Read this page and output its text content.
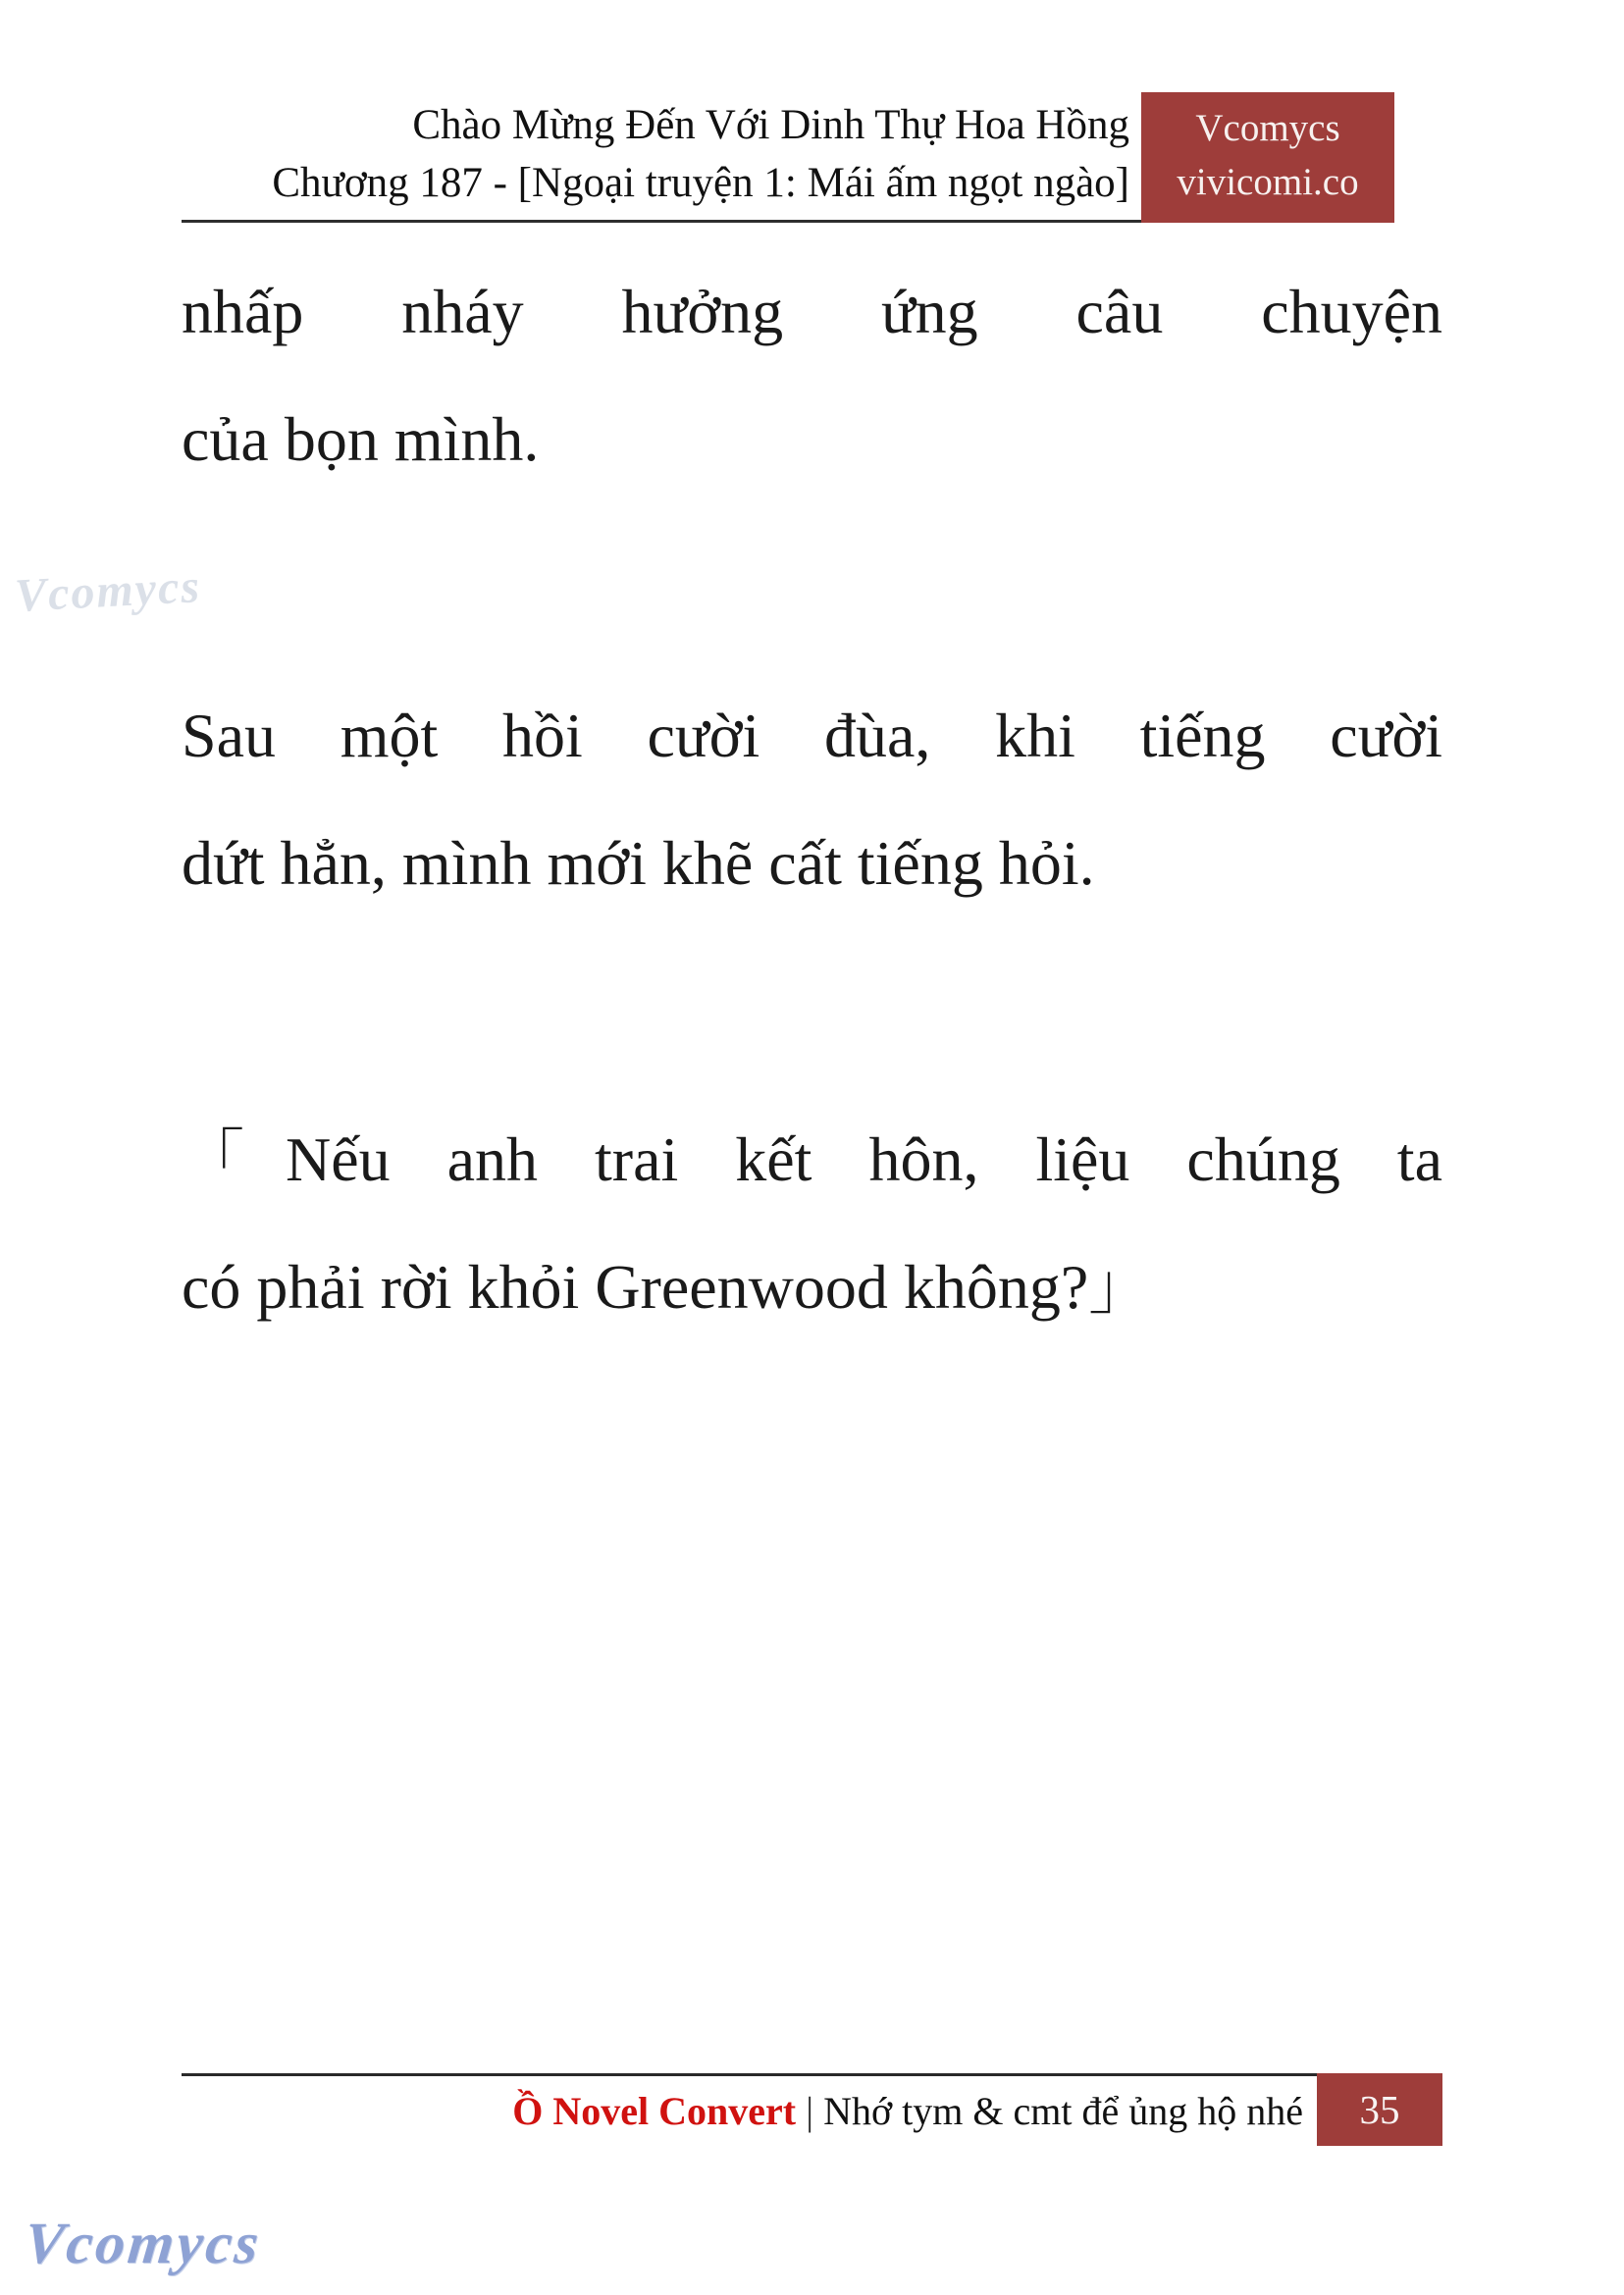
Chào Mừng Đến Với Dinh Thự Hoa Hồng
Chương 187 - [Ngoại truyện 1: Mái ấm ngọt ngào]
Vcomycs
vivicomi.co
nhấp nháy hưởng ứng câu chuyện
của bọn mình.
Sau một hồi cười đùa, khi tiếng cười
dứt hẳn, mình mới khẽ cất tiếng hỏi.
「Nếu anh trai kết hôn, liệu chúng ta
có phải rời khỏi Greenwood không?」
Vcomycs
Ồ Novel Convert | Nhớ tym & cmt để ủng hộ nhé	35
Vcomycs
